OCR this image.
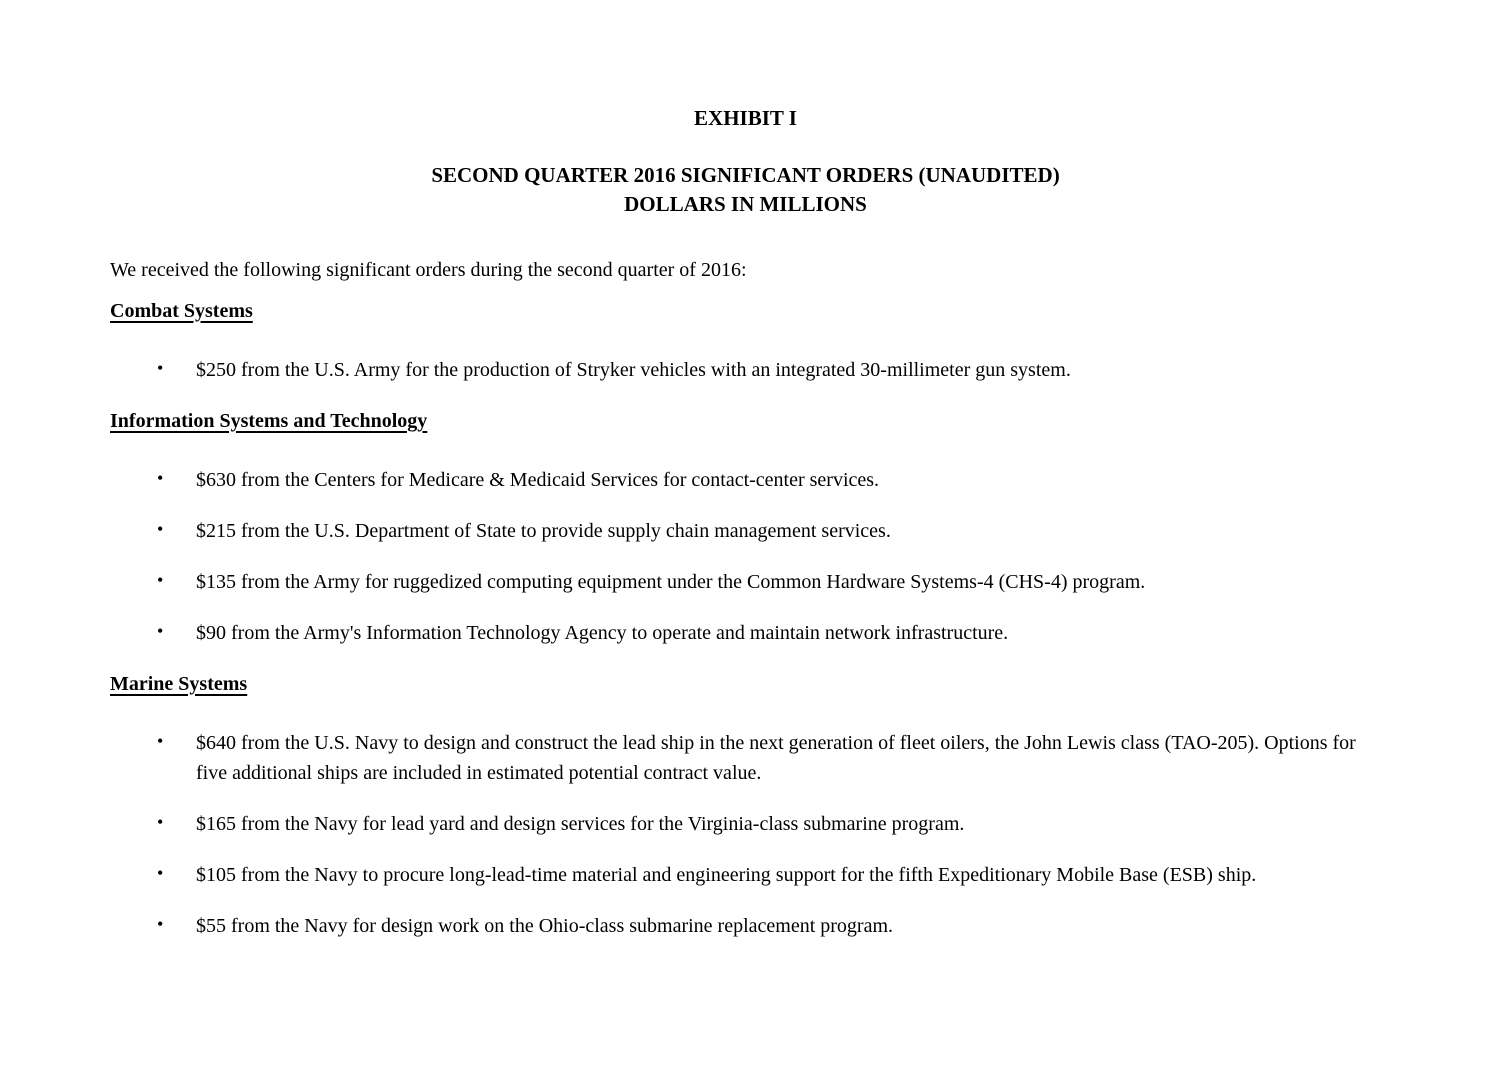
EXHIBIT I
SECOND QUARTER 2016 SIGNIFICANT ORDERS (UNAUDITED)
DOLLARS IN MILLIONS

We received the following significant orders during the second quarter of 2016:

Combat Systems
•	$250 from the U.S. Army for the production of Stryker vehicles with an integrated 30-millimeter gun system.
Information Systems and Technology
•	$630 from the Centers for Medicare & Medicaid Services for contact-center services.
•	$215 from the U.S. Department of State to provide supply chain management services.
•	$135 from the Army for ruggedized computing equipment under the Common Hardware Systems-4 (CHS-4) program.
•	$90 from the Army's Information Technology Agency to operate and maintain network infrastructure.
Marine Systems
•	$640 from the U.S. Navy to design and construct the lead ship in the next generation of fleet oilers, the John Lewis class (TAO-205). Options for five additional ships are included in estimated potential contract value.
•	$165 from the Navy for lead yard and design services for the Virginia-class submarine program.
•	$105 from the Navy to procure long-lead-time material and engineering support for the fifth Expeditionary Mobile Base (ESB) ship.
•	$55 from the Navy for design work on the Ohio-class submarine replacement program.
